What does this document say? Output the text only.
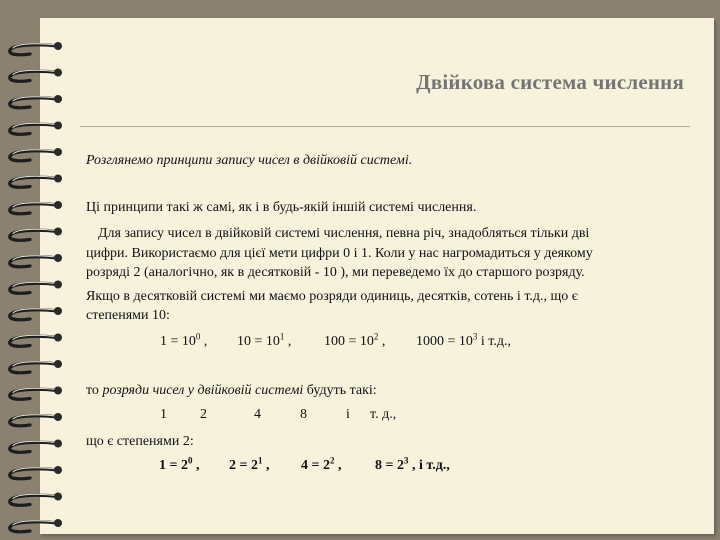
Двійкова система числення
Розглянемо принципи запису чисел в двійковій системі.
Ці принципи такі ж самі, як і в будь-якій іншій системі числення.
Для запису чисел в двійковій системі числення, певна річ, знадобляться тільки дві
цифри. Використаємо для цієї мети цифри 0 і 1. Коли у нас нагромадиться у деякому
розряді 2 (аналогічно, як в десятковій - 10 ), ми переведемо їх до старшого розряду.
Якщо в десятковій системі ми маємо розряди одиниць, десятків, сотень і т.д., що є
степенями 10:
$1 = 10^0$ , $10 = 10^1$ , $100 = 10^2$ , $1000 = 10^3$ і т.д.,
то розряди чисел у двійковій системі будуть такі:
1 2	4	8	і т. д.,
що є степенями 2:
$1 = 2^0$ , $2 = 2^1$ , $4 = 2^2$ , $8 = 2^3$ , і т.д.,
